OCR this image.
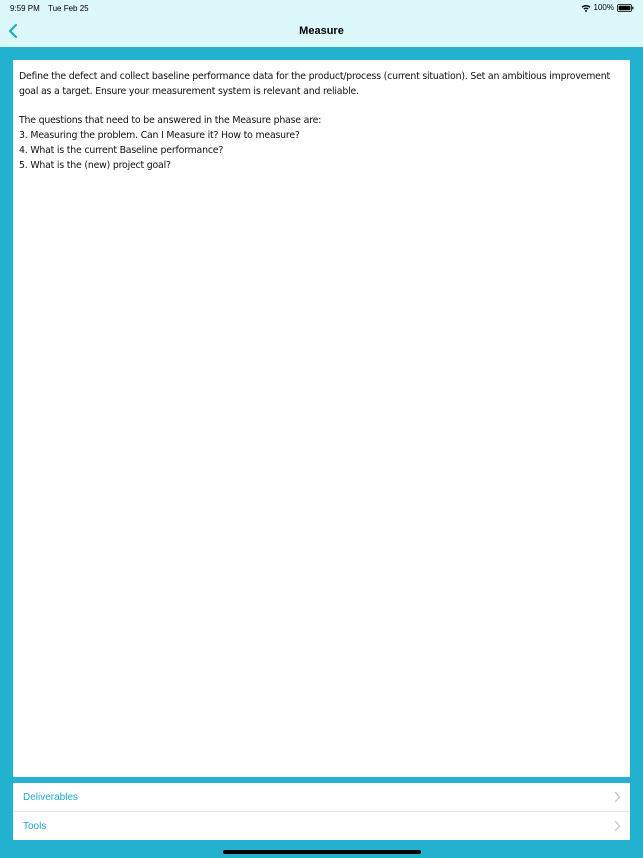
9:59 PM Tue Feb 25	100%
Measure

Define the defect and collect baseline performance data for the product/process (current situation). Set an ambitious improvement goal as a target. Ensure your measurement system is relevant and reliable.

The questions that need to be answered in the Measure phase are:

3. Measuring the problem. Can I Measure it? How to measure?

4. What is the current Baseline performance?

5. What is the (new) project goal?

Deliverables
Tools
